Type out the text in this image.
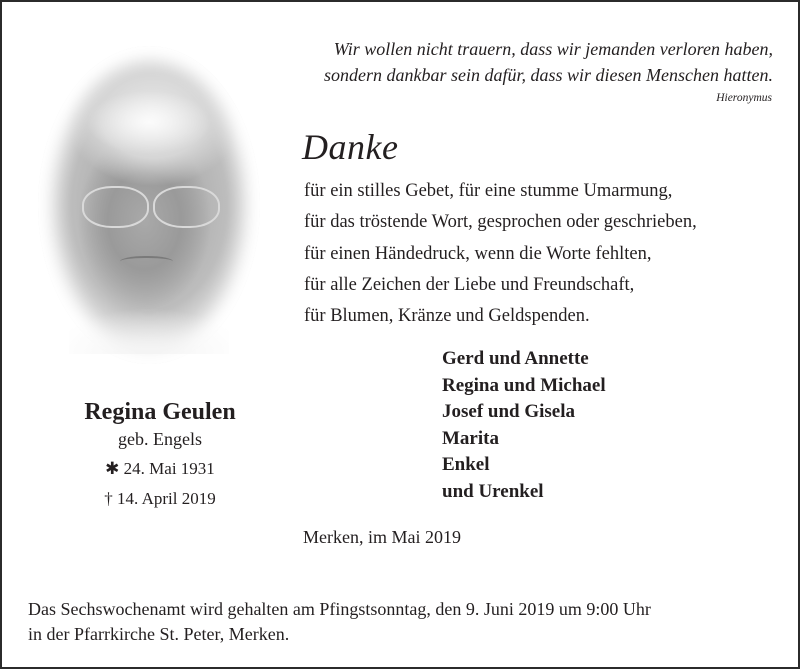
Wir wollen nicht trauern, dass wir jemanden verloren haben,
sondern dankbar sein dafür, dass wir diesen Menschen hatten.
Hieronymus
Danke
für ein stilles Gebet, für eine stumme Umarmung,
für das tröstende Wort, gesprochen oder geschrieben,
für einen Händedruck, wenn die Worte fehlten,
für alle Zeichen der Liebe und Freundschaft,
für Blumen, Kränze und Geldspenden.
Gerd und Annette
Regina und Michael
Josef und Gisela
Marita
Enkel
und Urenkel
Regina Geulen
geb. Engels
✱ 24. Mai 1931
† 14. April 2019
Merken, im Mai 2019
Das Sechswochenamt wird gehalten am Pfingstsonntag, den 9. Juni 2019 um 9:00 Uhr
in der Pfarrkirche St. Peter, Merken.
